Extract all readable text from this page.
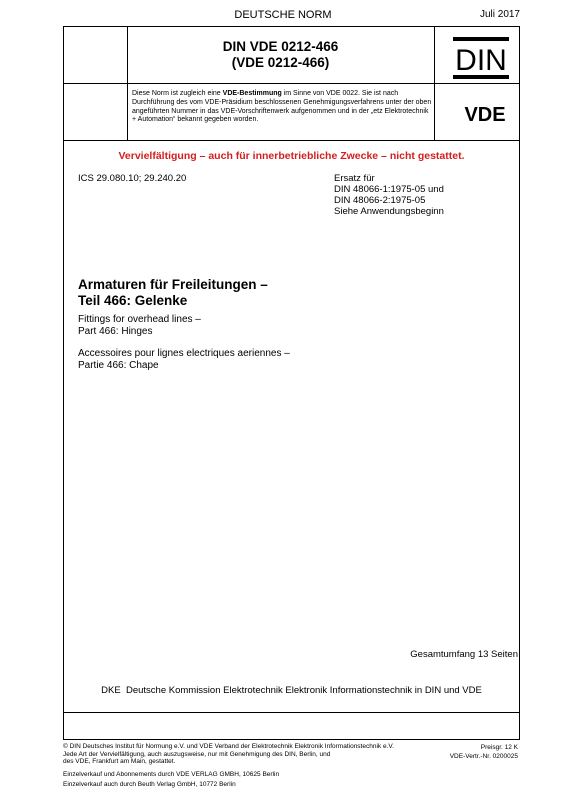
DEUTSCHE NORM	Juli 2017
DIN VDE 0212-466
(VDE 0212-466)	DIN
VDE
Diese Norm ist zugleich eine VDE-Bestimmung im Sinne von VDE 0022. Sie ist nach Durchführung des vom VDE-Präsidium beschlossenen Genehmigungsverfahrens unter der oben angeführten Nummer in das VDE-Vorschriftenwerk aufgenommen und in der „etz Elektrotechnik + Automation“ bekannt gegeben worden.
Vervielfältigung – auch für innerbetriebliche Zwecke – nicht gestattet.
ICS 29.080.10; 29.240.20	Ersatz für
DIN 48066-1:1975-05 und
DIN 48066-2:1975-05
Siehe Anwendungsbeginn
Armaturen für Freileitungen –
Teil 466: Gelenke
Fittings for overhead lines –
Part 466: Hinges
Accessoires pour lignes electriques aeriennes –
Partie 466: Chape
Gesamtumfang 13 Seiten
DKE  Deutsche Kommission Elektrotechnik Elektronik Informationstechnik in DIN und VDE
© DIN Deutsches Institut für Normung e.V. und VDE Verband der Elektrotechnik Elektronik Informationstechnik e.V.
Jede Art der Vervielfältigung, auch auszugsweise, nur mit Genehmigung des DIN, Berlin, und
des VDE, Frankfurt am Main, gestattet.
Preisgr. 12 K
VDE-Vertr.-Nr. 0200025
Einzelverkauf und Abonnements durch VDE VERLAG GMBH, 10625 Berlin
Einzelverkauf auch durch Beuth Verlag GmbH, 10772 Berlin
